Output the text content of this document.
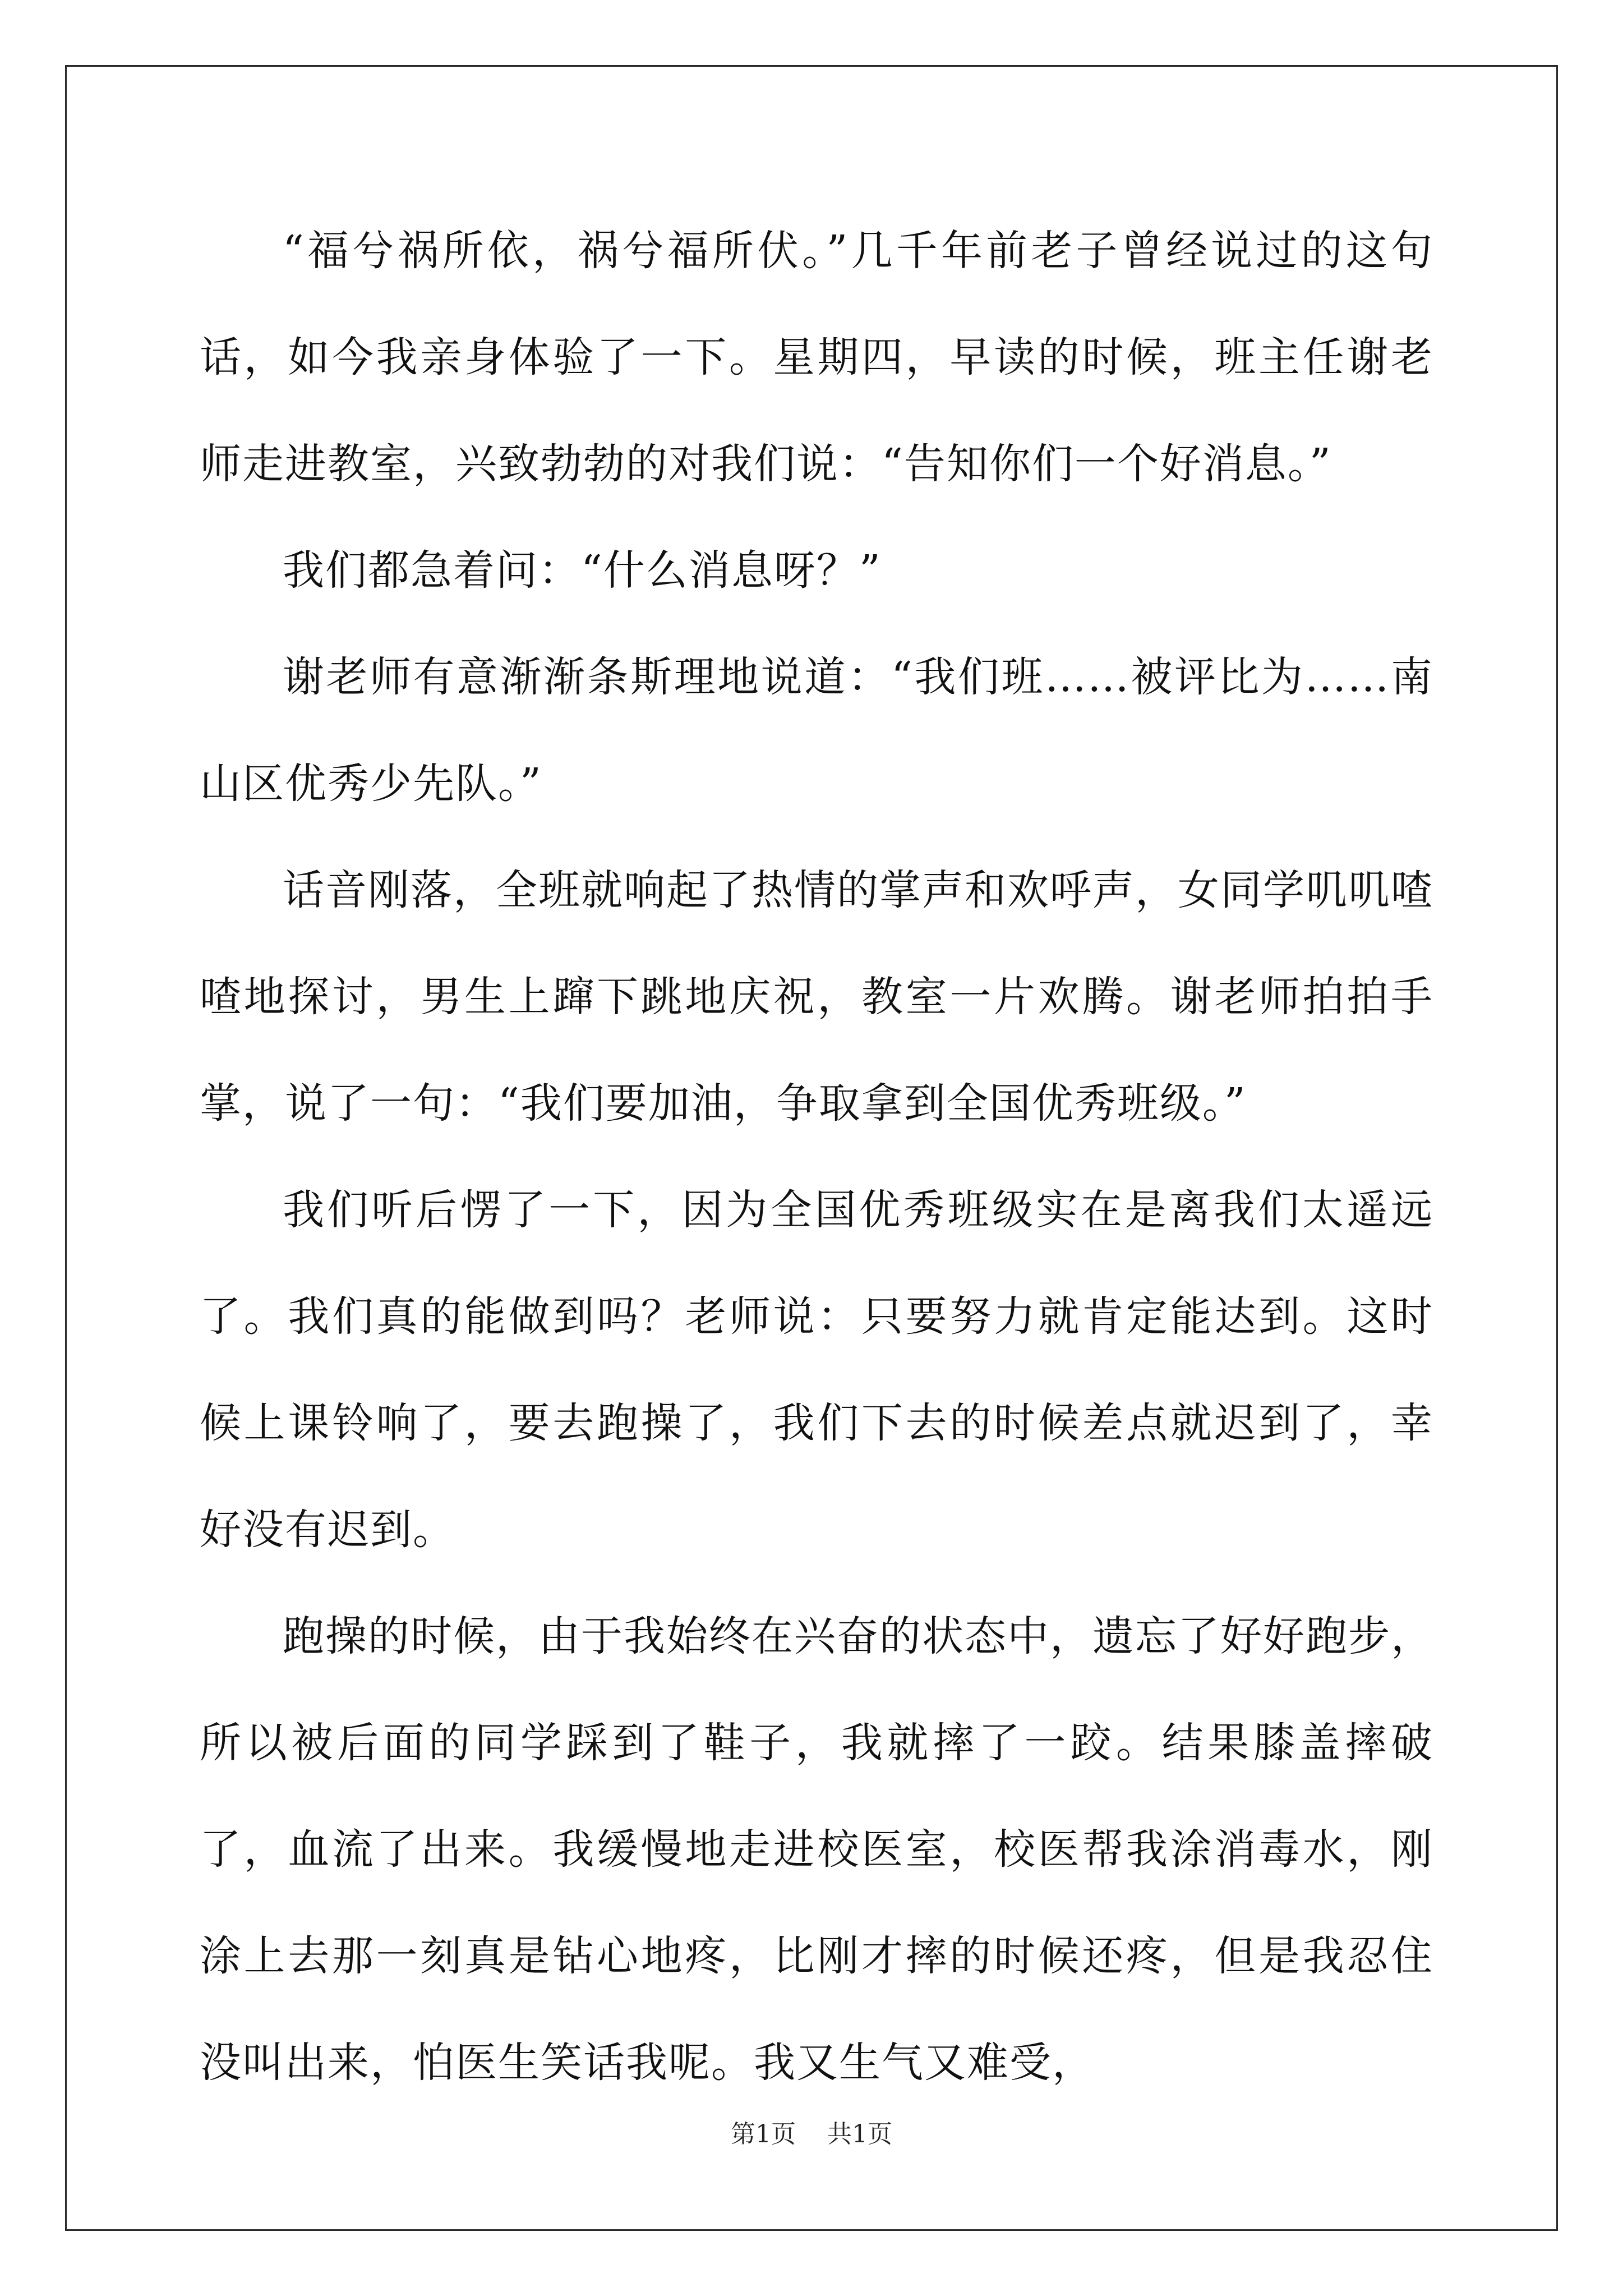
“福兮祸所依，祸兮福所伏。”几千年前老子曾经说过的这句话，如今我亲身体验了一下。星期四，早读的时候，班主任谢老师走进教室，兴致勃勃的对我们说：“告知你们一个好消息。”

我们都急着问：“什么消息呀？”

谢老师有意渐渐条斯理地说道：“我们班……被评比为……南山区优秀少先队。”

话音刚落，全班就响起了热情的掌声和欢呼声，女同学叽叽喳喳地探讨，男生上蹿下跳地庆祝，教室一片欢腾。谢老师拍拍手掌，说了一句：“我们要加油，争取拿到全国优秀班级。”

我们听后愣了一下，因为全国优秀班级实在是离我们太遥远了。我们真的能做到吗？老师说：只要努力就肯定能达到。这时候上课铃响了，要去跑操了，我们下去的时候差点就迟到了，幸好没有迟到。

跑操的时候，由于我始终在兴奋的状态中，遗忘了好好跑步，所以被后面的同学踩到了鞋子，我就摔了一跤。结果膝盖摔破了，血流了出来。我缓慢地走进校医室，校医帮我涂消毒水，刚涂上去那一刻真是钻心地疼，比刚才摔的时候还疼，但是我忍住没叫出来，怕医生笑话我呢。我又生气又难受，

第1页 共1页
